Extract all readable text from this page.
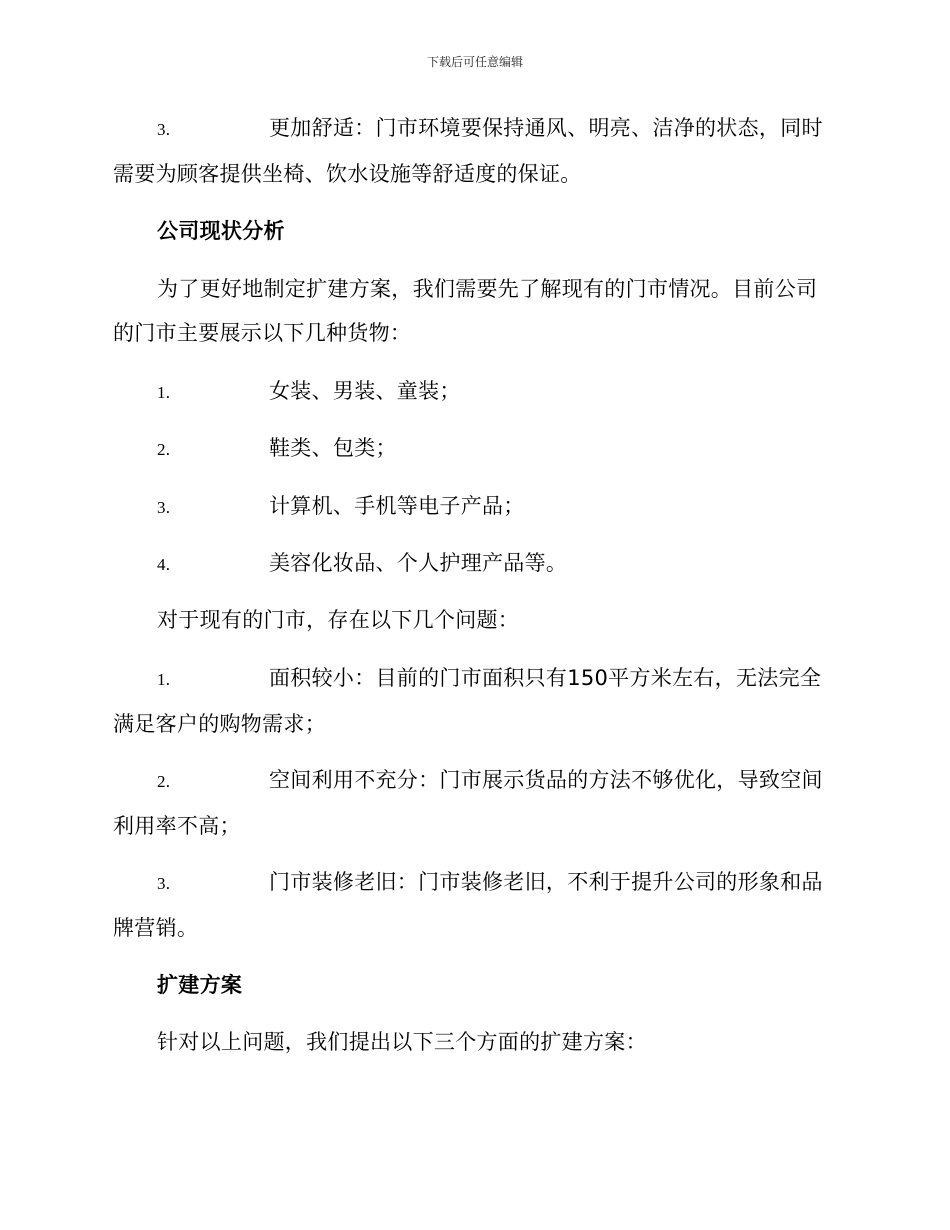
下载后可任意编辑
3.	更加舒适：门市环境要保持通风、明亮、洁净的状态，同时需要为顾客提供坐椅、饮水设施等舒适度的保证。
公司现状分析
为了更好地制定扩建方案，我们需要先了解现有的门市情况。目前公司的门市主要展示以下几种货物：
1.	女装、男装、童装；
2.	鞋类、包类；
3.	计算机、手机等电子产品；
4.	美容化妆品、个人护理产品等。
对于现有的门市，存在以下几个问题：
1.	面积较小：目前的门市面积只有150平方米左右，无法完全满足客户的购物需求；
2.	空间利用不充分：门市展示货品的方法不够优化，导致空间利用率不高；
3.	门市装修老旧：门市装修老旧，不利于提升公司的形象和品牌营销。
扩建方案
针对以上问题，我们提出以下三个方面的扩建方案：
